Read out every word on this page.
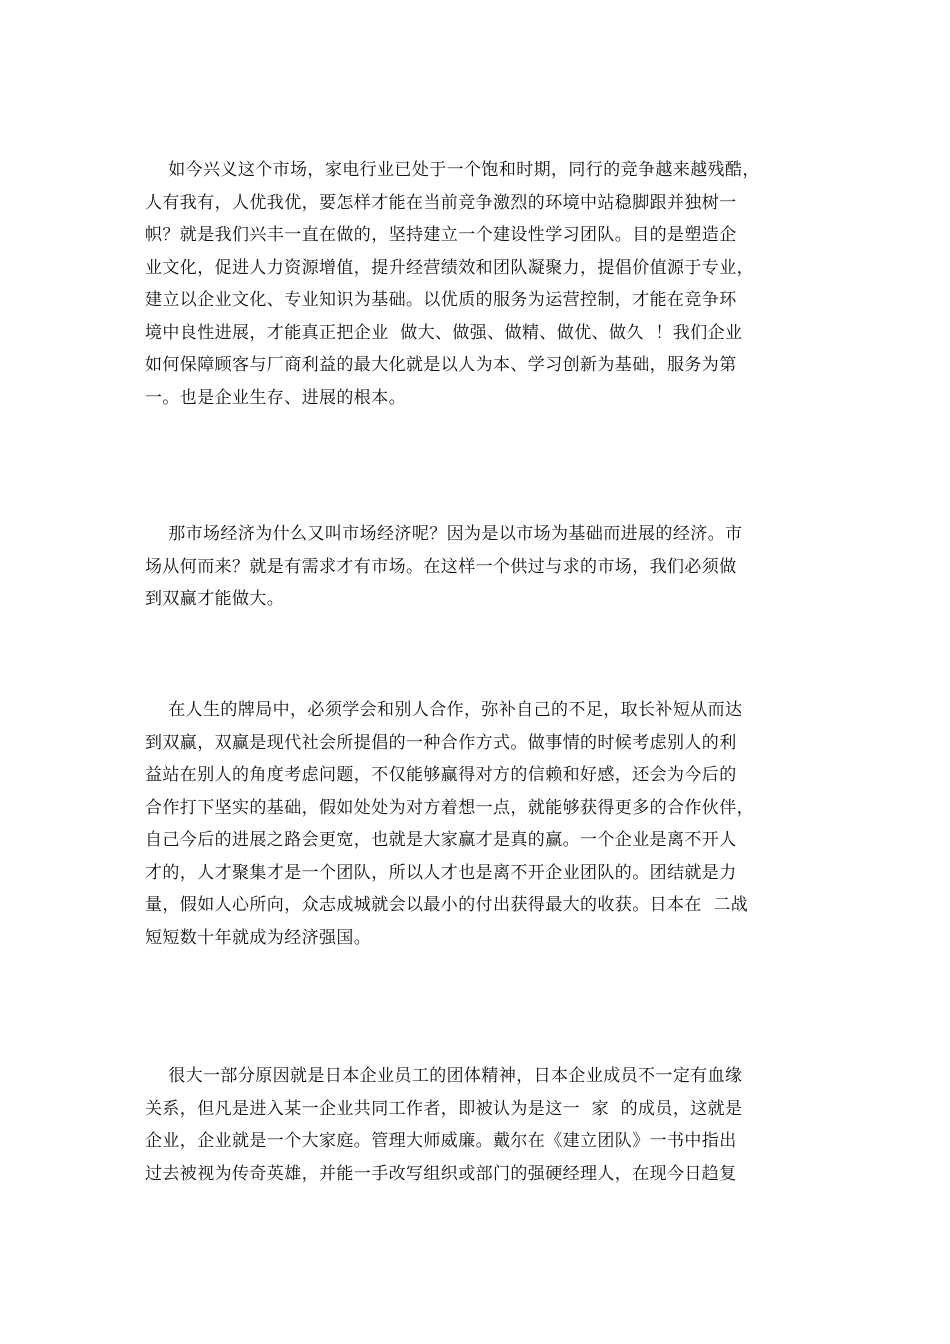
如今兴义这个市场，家电行业已处于一个饱和时期，同行的竞争越来越残酷，
人有我有，人优我优，要怎样才能在当前竞争激烈的环境中站稳脚跟并独树一
帜？就是我们兴丰一直在做的，坚持建立一个建设性学习团队。目的是塑造企
业文化，促进人力资源增值，提升经营绩效和团队凝聚力，提倡价值源于专业，
建立以企业文化、专业知识为基础。以优质的服务为运营控制，才能在竞争环
境中良性进展，才能真正把企业  做大、做强、做精、做优、做久  ！我们企业
如何保障顾客与厂商利益的最大化就是以人为本、学习创新为基础，服务为第
一。也是企业生存、进展的根本。
那市场经济为什么又叫市场经济呢？因为是以市场为基础而进展的经济。市
场从何而来？就是有需求才有市场。在这样一个供过与求的市场，我们必须做
到双赢才能做大。
在人生的牌局中，必须学会和别人合作，弥补自己的不足，取长补短从而达
到双赢，双赢是现代社会所提倡的一种合作方式。做事情的时候考虑别人的利
益站在别人的角度考虑问题，不仅能够赢得对方的信赖和好感，还会为今后的
合作打下坚实的基础，假如处处为对方着想一点，就能够获得更多的合作伙伴，
自己今后的进展之路会更宽，也就是大家赢才是真的赢。一个企业是离不开人
才的，人才聚集才是一个团队，所以人才也是离不开企业团队的。团结就是力
量，假如人心所向，众志成城就会以最小的付出获得最大的收获。日本在  二战
短短数十年就成为经济强国。
很大一部分原因就是日本企业员工的团体精神，日本企业成员不一定有血缘
关系，但凡是进入某一企业共同工作者，即被认为是这一  家  的成员，这就是
企业，企业就是一个大家庭。管理大师威廉。戴尔在《建立团队》一书中指出
过去被视为传奇英雄，并能一手改写组织或部门的强硬经理人，在现今日趋复
